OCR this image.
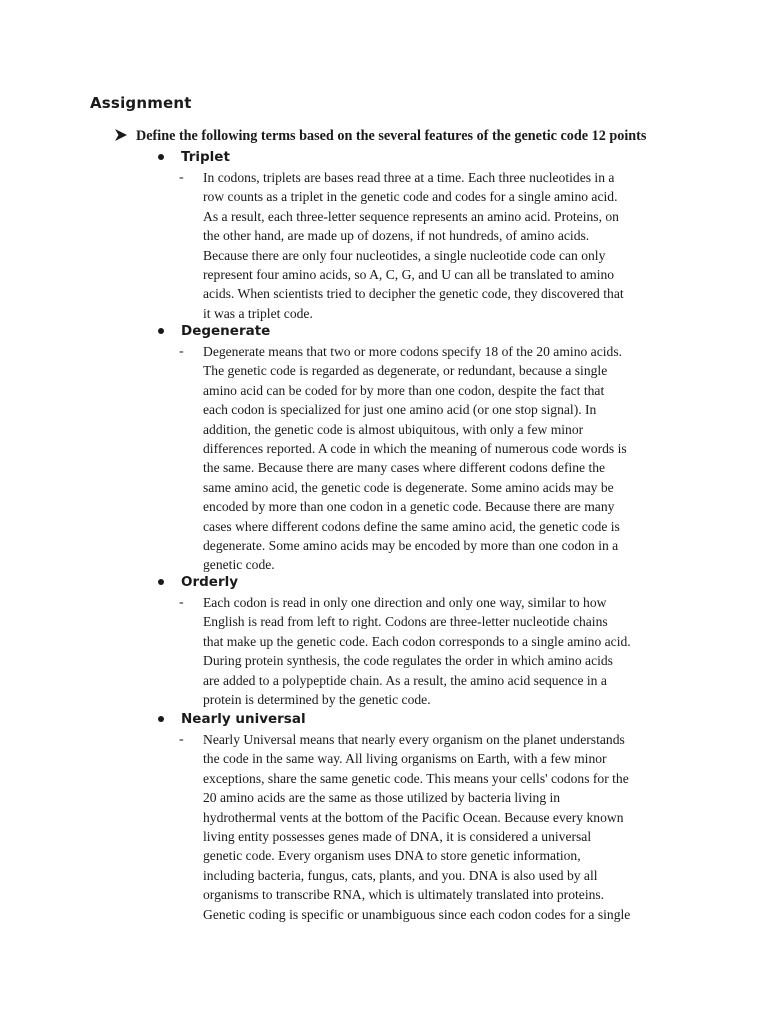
Assignment
Define the following terms based on the several features of the genetic code 12 points
Triplet
- In codons, triplets are bases read three at a time. Each three nucleotides in a
row counts as a triplet in the genetic code and codes for a single amino acid.
As a result, each three-letter sequence represents an amino acid. Proteins, on
the other hand, are made up of dozens, if not hundreds, of amino acids.
Because there are only four nucleotides, a single nucleotide code can only
represent four amino acids, so A, C, G, and U can all be translated to amino
acids. When scientists tried to decipher the genetic code, they discovered that
it was a triplet code.

Degenerate
- Degenerate means that two or more codons specify 18 of the 20 amino acids.
The genetic code is regarded as degenerate, or redundant, because a single
amino acid can be coded for by more than one codon, despite the fact that
each codon is specialized for just one amino acid (or one stop signal). In
addition, the genetic code is almost ubiquitous, with only a few minor
differences reported. A code in which the meaning of numerous code words is
the same. Because there are many cases where different codons define the
same amino acid, the genetic code is degenerate. Some amino acids may be
encoded by more than one codon in a genetic code. Because there are many
cases where different codons define the same amino acid, the genetic code is
degenerate. Some amino acids may be encoded by more than one codon in a
genetic code.

Orderly
- Each codon is read in only one direction and only one way, similar to how
English is read from left to right. Codons are three-letter nucleotide chains
that make up the genetic code. Each codon corresponds to a single amino acid.
During protein synthesis, the code regulates the order in which amino acids
are added to a polypeptide chain. As a result, the amino acid sequence in a
protein is determined by the genetic code.

Nearly universal
- Nearly Universal means that nearly every organism on the planet understands
the code in the same way. All living organisms on Earth, with a few minor
exceptions, share the same genetic code. This means your cells' codons for the
20 amino acids are the same as those utilized by bacteria living in
hydrothermal vents at the bottom of the Pacific Ocean. Because every known
living entity possesses genes made of DNA, it is considered a universal
genetic code. Every organism uses DNA to store genetic information,
including bacteria, fungus, cats, plants, and you. DNA is also used by all
organisms to transcribe RNA, which is ultimately translated into proteins.
Genetic coding is specific or unambiguous since each codon codes for a single
